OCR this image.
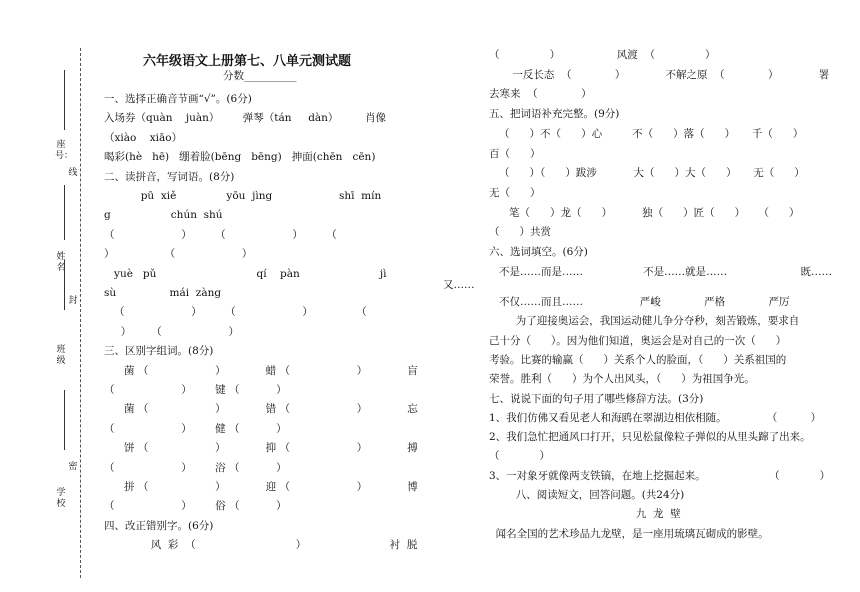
座号：
线
姓名
封
班级
密
学校
六年级语文上册第七、八单元测试题
分数__________
一、选择正确音节画“√”。(6分)
入场券（quàn    juàn）       弹琴（tán     dàn）        肖像
（xiào    xiāo）
喝彩(hè   hē)   绷着脸(bēng   bēng)   抻面(chēn   cēn)
二、读拼音，写词语。(8分)
pū  xiě               yōu  jìng                    shī  mín
g                  chún  shú
（                    ）       （                    ）       （
）               （                    ）
yuè   pǔ                              qí    pàn                        jì
sù                mái  zàng
（                    ）       （                    ）             （
）      （                    ）
三、区别字组词。(8分)
菌 （                    ）            蜡 （                    ）            盲
（                    ）       键 （           ）
菌 （                    ）            错 （                    ）            忘
（                    ）       健 （           ）
饼 （                    ）            抑 （                    ）            搏
（                    ）       浴 （           ）
拼 （                    ）            迎 （                    ）            博
（                    ）       俗 （           ）
四、改正错别字。(6分)
风  彩  （                              ）                         衬  脱
（               ）                 风渡  （               ）
一反长态  （             ）            不解之原  （             ）            署
去寒来  （             ）
五、把词语补充完整。(9分)
（      ）不（      ）心         不（      ）落（      ）     千（      ）
百（      ）
（      ）（      ）跋涉           大（      ）大（      ）     无（      ）
无（      ）
笔（      ）龙（      ）         独（      ）匠（      ）    （      ）
（      ）共赏
六、选词填空。(6分)
不是……而是……                  不是……就是……                      既……
又……
不仅……而且……                 严峻             严格             严厉
为了迎接奥运会，我国运动健儿争分夺秒，刻苦锻炼，要求自
己十分（      ）。因为他们知道，奥运会是对自己的一次（      ）
考验。比赛的输赢（      ）关系个人的脸面，（      ）关系祖国的
荣誉。胜利（      ）为个人出风头，（      ）为祖国争光。
七、说说下面的句子用了哪些修辞方法。(3分)
1、我们仿佛又看见老人和海鸥在翠湖边相依相随。            （          ）
2、我们急忙把通风口打开，只见松鼠像粒子弹似的从里头蹿了出来。
（            ）
3、一对象牙就像两支铁镐，在地上挖掘起来。                   （            ）
八、阅读短文，回答问题。(共24分)
九  龙  壁
闻名全国的艺术珍品九龙壁，是一座用琉璃瓦砌成的影壁。
